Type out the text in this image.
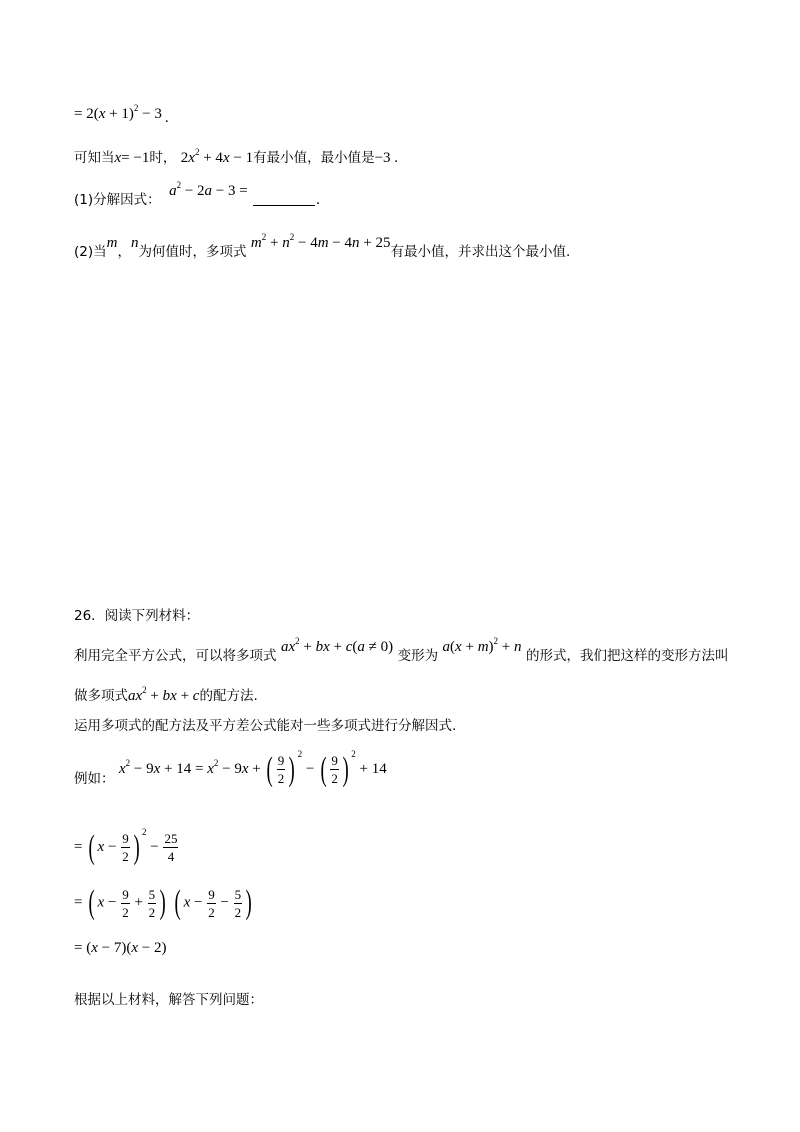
= $2(x + 1)^2 - 3$ .
可知当x= −1时， $2x^2 + 4x - 1$有最小值，最小值是−3 .
(1)分解因式： $a^2 - 2a - 3$ = .
(2)当m，n为何值时，多项式 $m^2 + n^2 - 4m - 4n + 25$有最小值，并求出这个最小值.
26．阅读下列材料：
利用完全平方公式，可以将多项式 $ax^2$ + bx + c(a ≠ 0) 变形为 $a(x + m)^2 + n$ 的形式，我们把这样的变形方法叫
做多项式$ax^2$ + bx + c的配方法.
运用多项式的配方法及平方差公式能对一些多项式进行分解因式.
例如： $x^2 - 9x + 14 = x^2 - 9x$ + ( $\frac{9}{2}$ ) $^2$ − ( $\frac{9}{2}$ ) $^2$ + 14
= ( $x - \frac{9}{2}$ ) $^2 - \frac{25}{4}$
= ( $x - \frac{9}{2} + \frac{5}{2}$ ) ( $x - \frac{9}{2} - \frac{5}{2}$ )
= (x − 7)(x − 2)
根据以上材料，解答下列问题：
